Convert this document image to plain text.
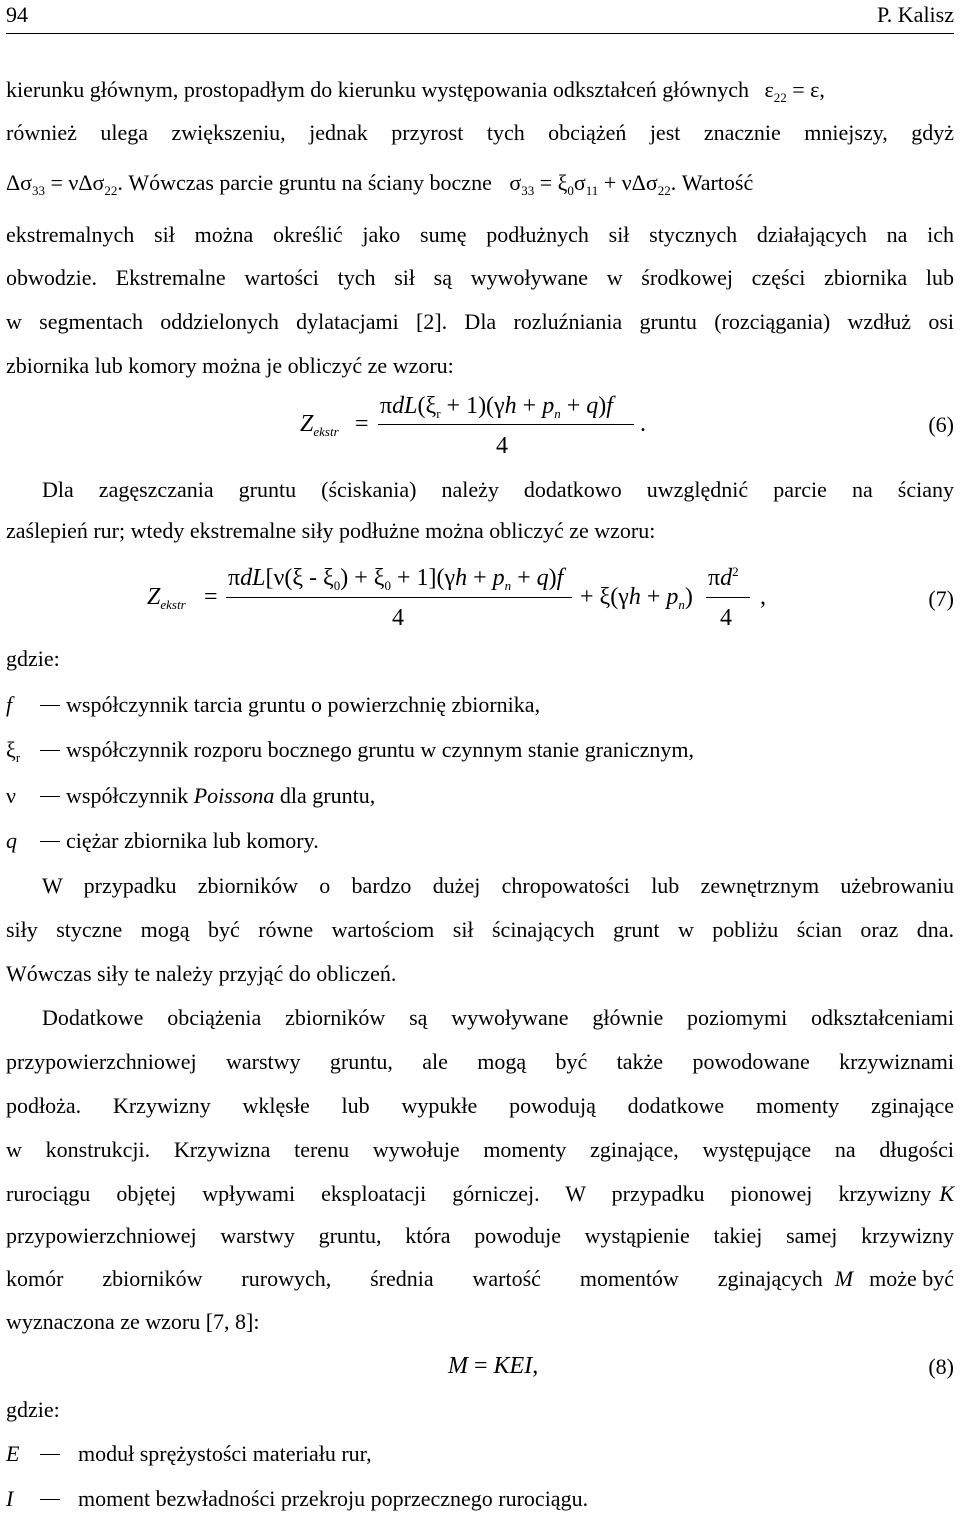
94	P. Kalisz
kierunku głównym, prostopadłym do kierunku występowania odkształceń głównych $\varepsilon_{22} = \varepsilon$,
również ulega zwiększeniu, jednak przyrost tych obciążeń jest znacznie mniejszy, gdyż
$\Delta\sigma_{33} = \nu\Delta\sigma_{22}$. Wówczas parcie gruntu na ściany boczne $\sigma_{33} = \xi_0\sigma_{11} + \nu\Delta\sigma_{22}$. Wartość
ekstremalnych sił można określić jako sumę podłużnych sił stycznych działających na ich
obwodzie. Ekstremalne wartości tych sił są wywoływane w środkowej części zbiornika lub
w segmentach oddzielonych dylatacjami [2]. Dla rozluźniania gruntu (rozciągania) wzdłuż osi
zbiornika lub komory można je obliczyć ze wzoru:
$Z_{ekstr}$ =
$\pi dL(\xi_r + 1)(\gamma h + p_n + q)f$
4
.	(6)
Dla zagęszczania gruntu (ściskania) należy dodatkowo uwzględnić parcie na ściany
zaślepień rur; wtedy ekstremalne siły podłużne można obliczyć ze wzoru:
$Z_{ekstr}$ =
$\pi dL[\nu(\xi - \xi_0) + \xi_0 + 1](\gamma h + p_n + q)f$
4
+ $\xi(\gamma h + p_n)$
$\pi d^2$
4
,	(7)
gdzie:
f współczynnik tarcia gruntu o powierzchnię zbiornika,
$\xi_r$ współczynnik rozporu bocznego gruntu w czynnym stanie granicznym,
ν współczynnik Poissona dla gruntu,
q ciężar zbiornika lub komory.
W przypadku zbiorników o bardzo dużej chropowatości lub zewnętrznym użebrowaniu
siły styczne mogą być równe wartościom sił ścinających grunt w pobliżu ścian oraz dna.
Wówczas siły te należy przyjąć do obliczeń.
Dodatkowe obciążenia zbiorników są wywoływane głównie poziomymi odkształceniami
przypowierzchniowej warstwy gruntu, ale mogą być także powodowane krzywiznami
podłoża. Krzywizny wklęsłe lub wypukłe powodują dodatkowe momenty zginające
w konstrukcji. Krzywizna terenu wywołuje momenty zginające, występujące na długości
rurociągu objętej wpływami eksploatacji górniczej. W przypadku pionowej krzywizny K
przypowierzchniowej warstwy gruntu, która powoduje wystąpienie takiej samej krzywizny
komór zbiorników rurowych, średnia wartość momentów zginających M może być
wyznaczona ze wzoru [7, 8]:
M = KEI,	(8)
gdzie:
E	moduł sprężystości materiału rur,
I	moment bezwładności przekroju poprzecznego rurociągu.
